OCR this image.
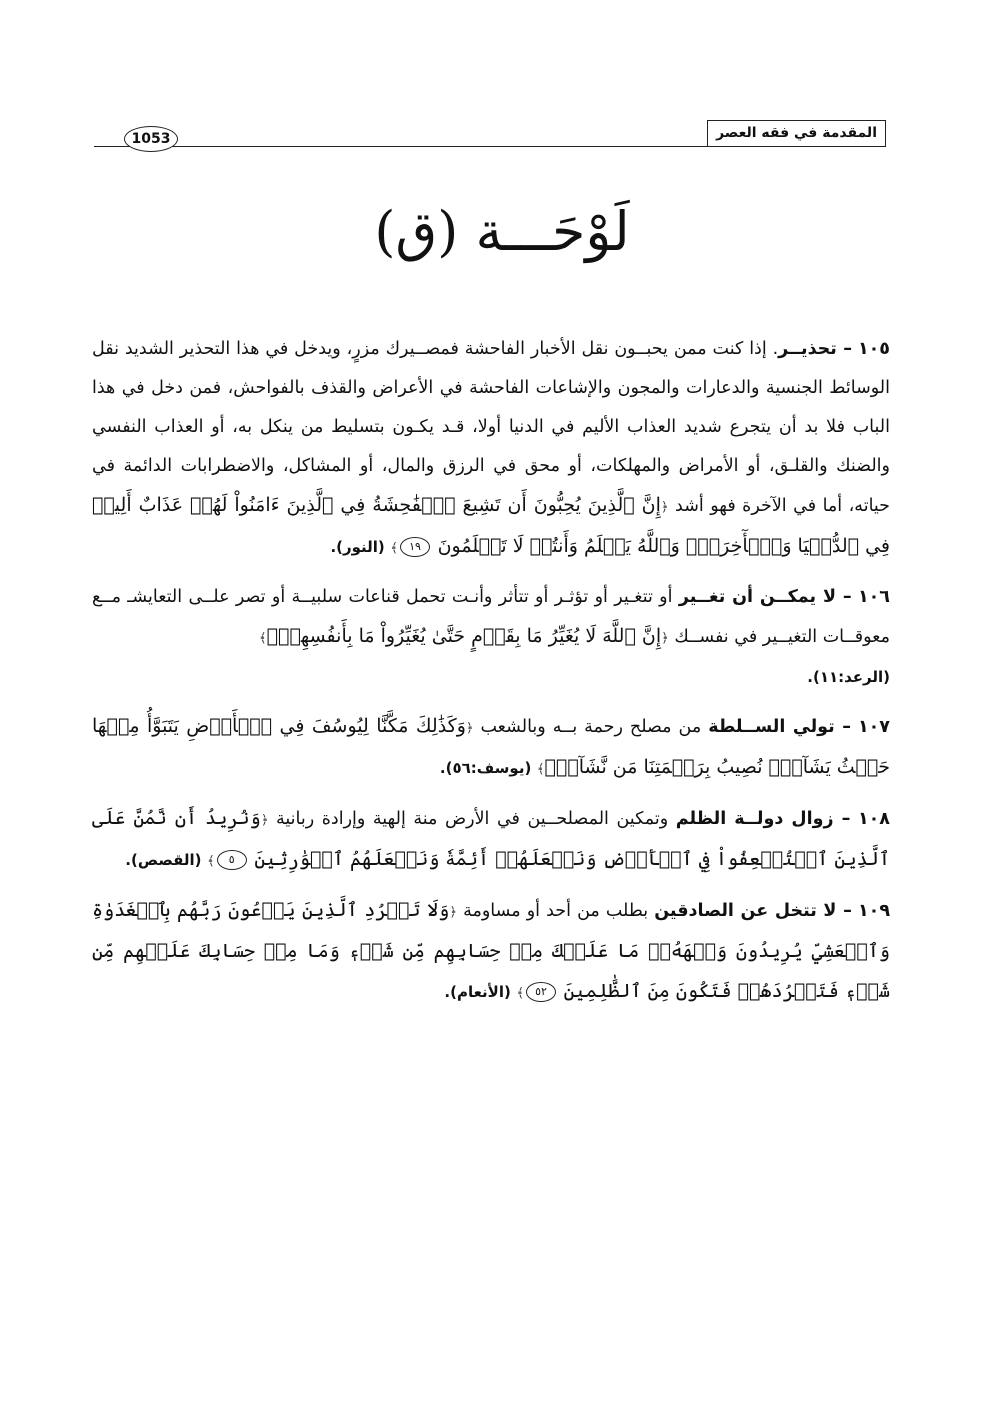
المقدمة في فقه العصر
1053
لَوْحَـــة (ق)

١٠٥ – تحذيــر. إذا كنت ممن يحبــون نقل الأخبار الفاحشة فمصــيرك مزرٍ، ويدخل في هذا التحذير الشديد نقل الوسائط الجنسية والدعارات والمجون والإشاعات الفاحشة في الأعراض والقذف بالفواحش، فمن دخل في هذا الباب فلا بد أن يتجرع شديد العذاب الأليم في الدنيا أولا، قـد يكـون بتسليط من ينكل به، أو العذاب النفسي والضنك والقلـق، أو الأمراض والمهلكات، أو محق في الرزق والمال، أو المشاكل، والاضطرابات الدائمة في حياته، أما في الآخرة فهو أشد ﴿إِنَّ ٱلَّذِينَ يُحِبُّونَ أَن تَشِيعَ ٱلۡفَٰحِشَةُ فِي ٱلَّذِينَ ءَامَنُواْ لَهُمۡ عَذَابٌ أَلِيمٞ فِي ٱلدُّنۡيَا وَٱلۡأٓخِرَةِۚ وَٱللَّهُ يَعۡلَمُ وَأَنتُمۡ لَا تَعۡلَمُونَ ١٩﴾ (النور).

١٠٦ – لا يمكــن أن تغــير أو تتغـير أو تؤثـر أو تتأثر وأنـت تحمل قناعات سلبيــة أو تصر علــى التعايشـ مــع معوقــات التغيــير في نفســك ﴿إِنَّ ٱللَّهَ لَا يُغَيِّرُ مَا بِقَوۡمٍ حَتَّىٰ يُغَيِّرُواْ مَا بِأَنفُسِهِمۡۗ﴾
(الرعد:١١).

١٠٧ – تولي الســلطة من مصلح رحمة بــه وبالشعب ﴿وَكَذَٰلِكَ مَكَّنَّا لِيُوسُفَ فِي ٱلۡأَرۡضِ يَتَبَوَّأُ مِنۡهَا حَيۡثُ يَشَآءُۚ نُصِيبُ بِرَحۡمَتِنَا مَن نَّشَآءُۖ﴾ (يوسف:٥٦).

١٠٨ – زوال دولــة الظلم وتمكين المصلحــين في الأرض منة إلهية وإرادة ربانية ﴿وَنُرِيدُ أَن نَّمُنَّ عَلَى ٱلَّذِينَ ٱسۡتُضۡعِفُواْ فِي ٱلۡأَرۡضِ وَنَجۡعَلَهُمۡ أَئِمَّةٗ وَنَجۡعَلَهُمُ ٱلۡوَٰرِثِينَ ٥﴾ (القصص).

١٠٩ – لا تتخل عن الصادقين بطلب من أحد أو مساومة ﴿وَلَا تَطۡرُدِ ٱلَّذِينَ يَدۡعُونَ رَبَّهُم بِٱلۡغَدَوٰةِ وَٱلۡعَشِيِّ يُرِيدُونَ وَجۡهَهُۥۖ مَا عَلَيۡكَ مِنۡ حِسَابِهِم مِّن شَيۡءٖ وَمَا مِنۡ حِسَابِكَ عَلَيۡهِم مِّن شَيۡءٖ فَتَطۡرُدَهُمۡ فَتَكُونَ مِنَ ٱلظَّٰلِمِينَ ٥٢﴾ (الأنعام).
